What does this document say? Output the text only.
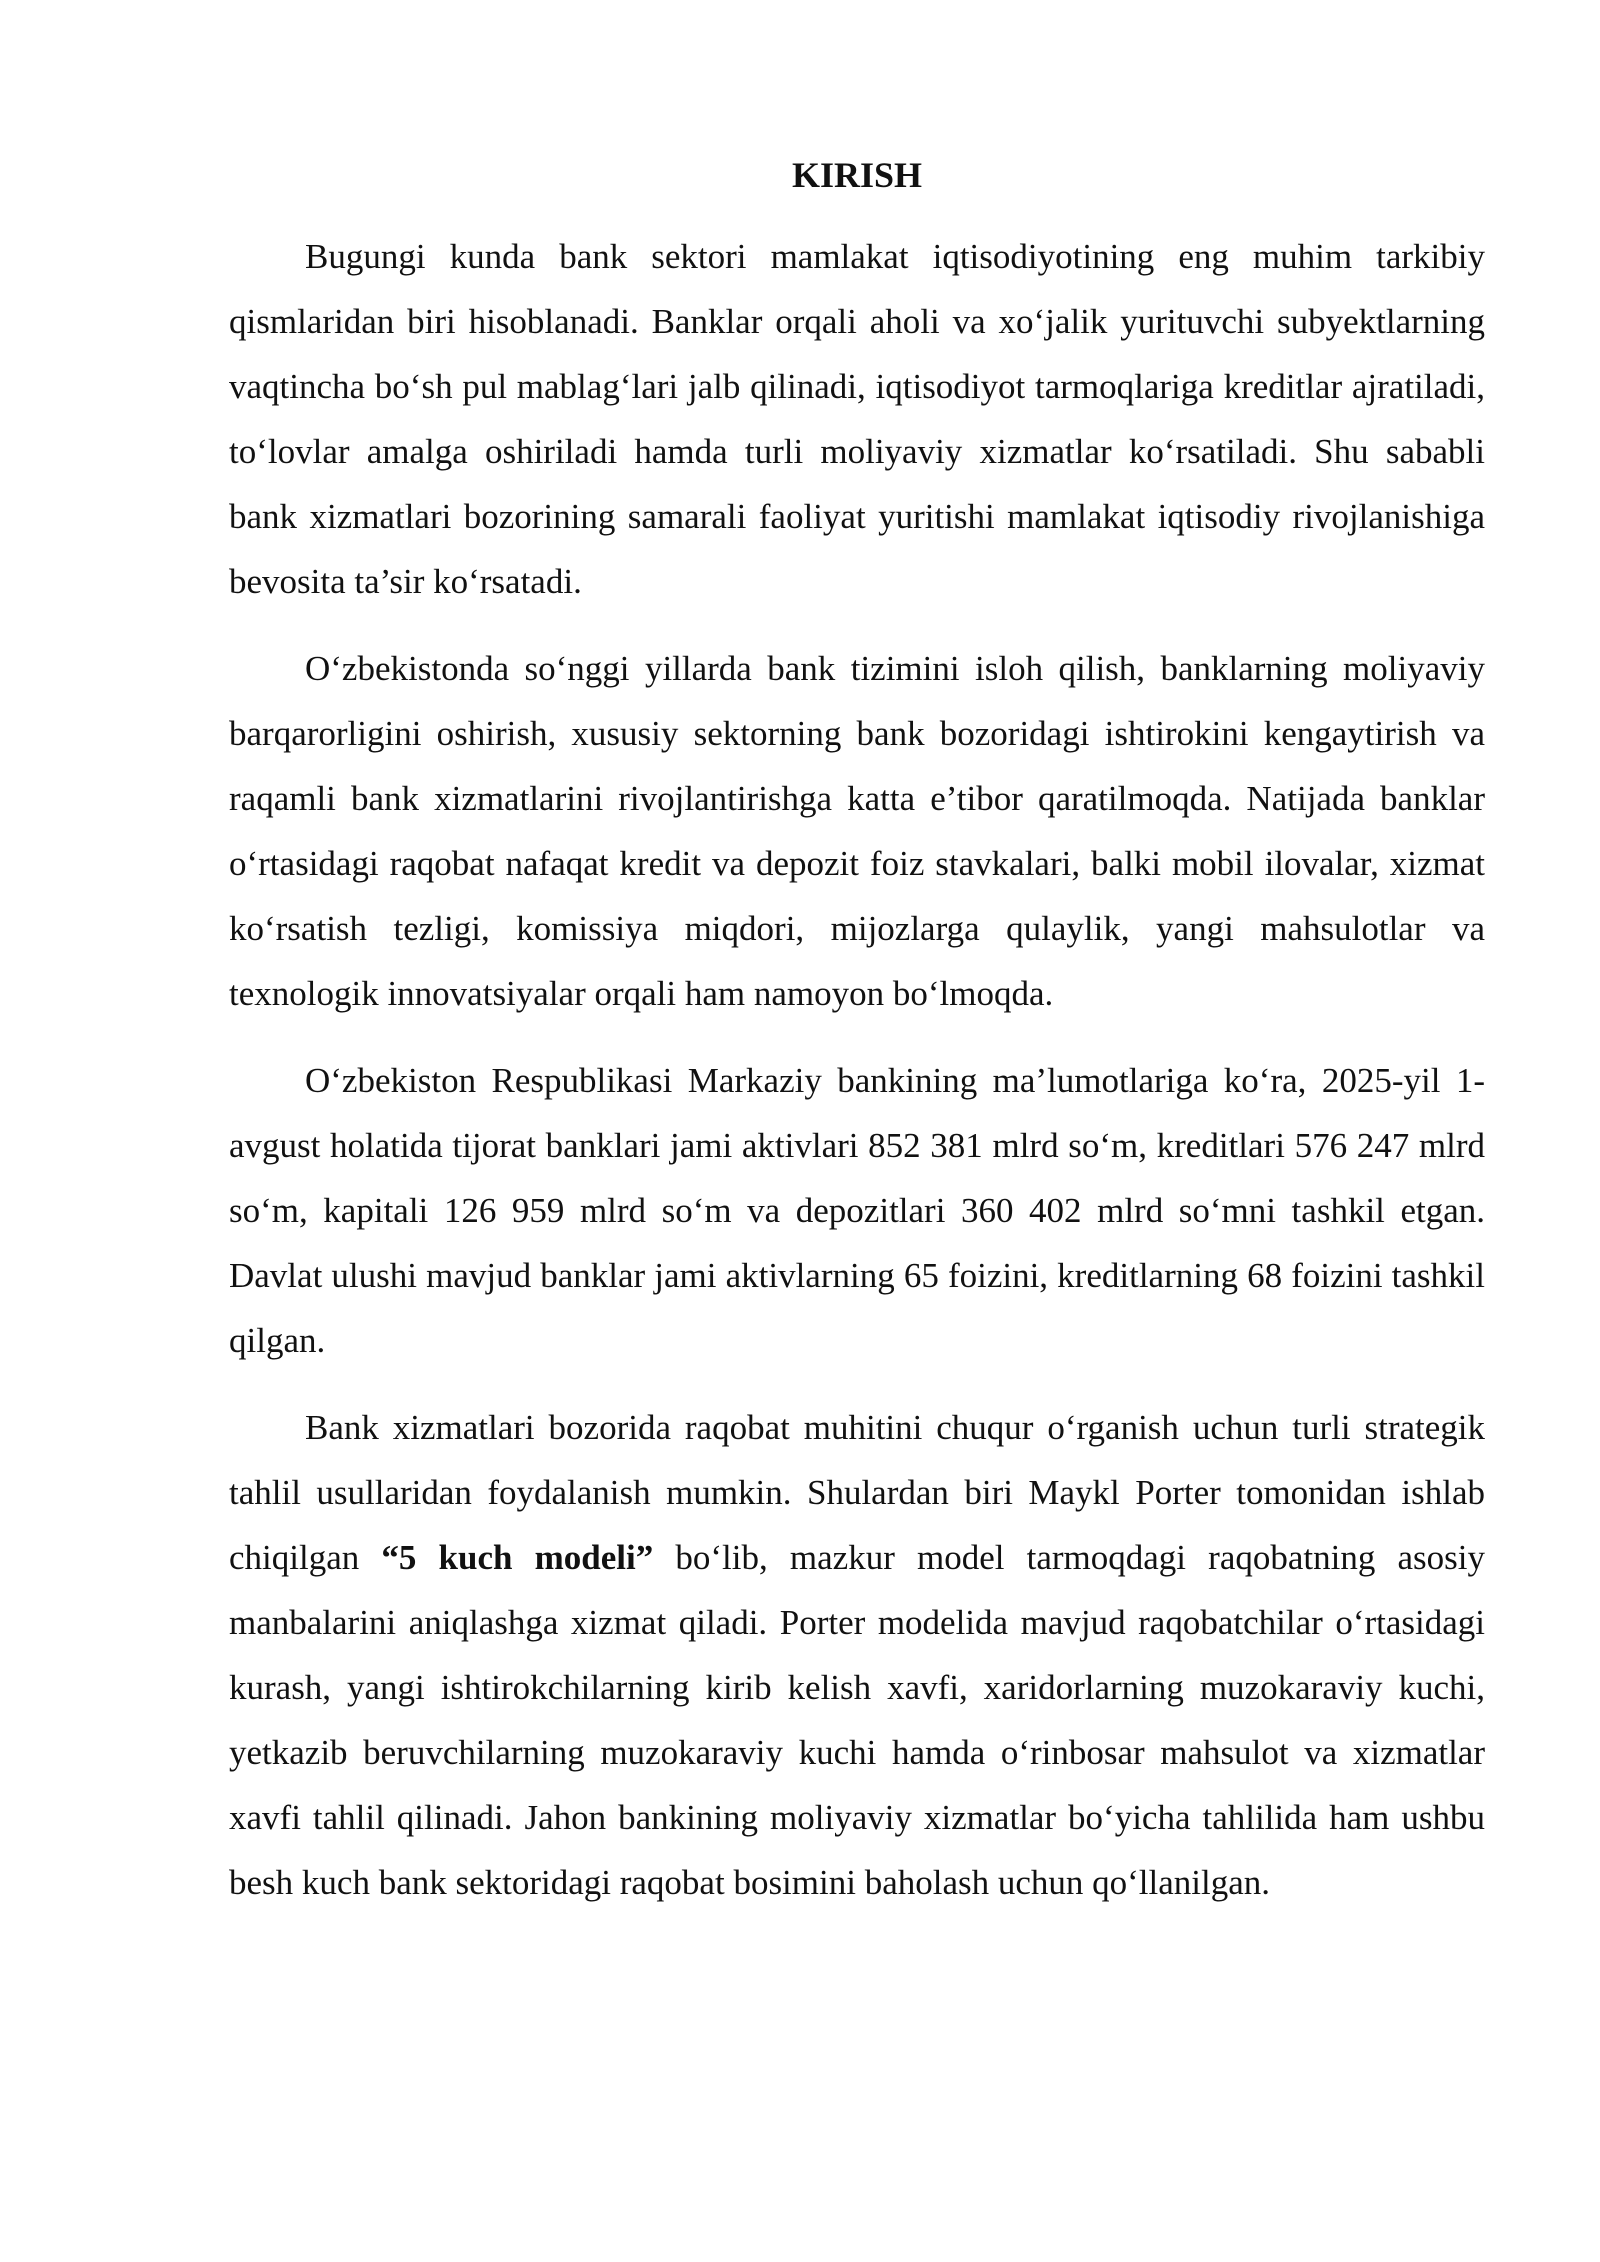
KIRISH

Bugungi kunda bank sektori mamlakat iqtisodiyotining eng muhim tarkibiy qismlaridan biri hisoblanadi. Banklar orqali aholi va xo‘jalik yurituvchi subyektlarning vaqtincha bo‘sh pul mablag‘lari jalb qilinadi, iqtisodiyot tarmoqlariga kreditlar ajratiladi, to‘lovlar amalga oshiriladi hamda turli moliyaviy xizmatlar ko‘rsatiladi. Shu sababli bank xizmatlari bozorining samarali faoliyat yuritishi mamlakat iqtisodiy rivojlanishiga bevosita ta’sir ko‘rsatadi.

O‘zbekistonda so‘nggi yillarda bank tizimini isloh qilish, banklarning moliyaviy barqarorligini oshirish, xususiy sektorning bank bozoridagi ishtirokini kengaytirish va raqamli bank xizmatlarini rivojlantirishga katta e’tibor qaratilmoqda. Natijada banklar o‘rtasidagi raqobat nafaqat kredit va depozit foiz stavkalari, balki mobil ilovalar, xizmat ko‘rsatish tezligi, komissiya miqdori, mijozlarga qulaylik, yangi mahsulotlar va texnologik innovatsiyalar orqali ham namoyon bo‘lmoqda.

O‘zbekiston Respublikasi Markaziy bankining ma’lumotlariga ko‘ra, 2025-yil 1-avgust holatida tijorat banklari jami aktivlari 852 381 mlrd so‘m, kreditlari 576 247 mlrd so‘m, kapitali 126 959 mlrd so‘m va depozitlari 360 402 mlrd so‘mni tashkil etgan. Davlat ulushi mavjud banklar jami aktivlarning 65 foizini, kreditlarning 68 foizini tashkil qilgan.

Bank xizmatlari bozorida raqobat muhitini chuqur o‘rganish uchun turli strategik tahlil usullaridan foydalanish mumkin. Shulardan biri Maykl Porter tomonidan ishlab chiqilgan “5 kuch modeli” bo‘lib, mazkur model tarmoqdagi raqobatning asosiy manbalarini aniqlashga xizmat qiladi. Porter modelida mavjud raqobatchilar o‘rtasidagi kurash, yangi ishtirokchilarning kirib kelish xavfi, xaridorlarning muzokaraviy kuchi, yetkazib beruvchilarning muzokaraviy kuchi hamda o‘rinbosar mahsulot va xizmatlar xavfi tahlil qilinadi. Jahon bankining moliyaviy xizmatlar bo‘yicha tahlilida ham ushbu besh kuch bank sektoridagi raqobat bosimini baholash uchun qo‘llanilgan.
